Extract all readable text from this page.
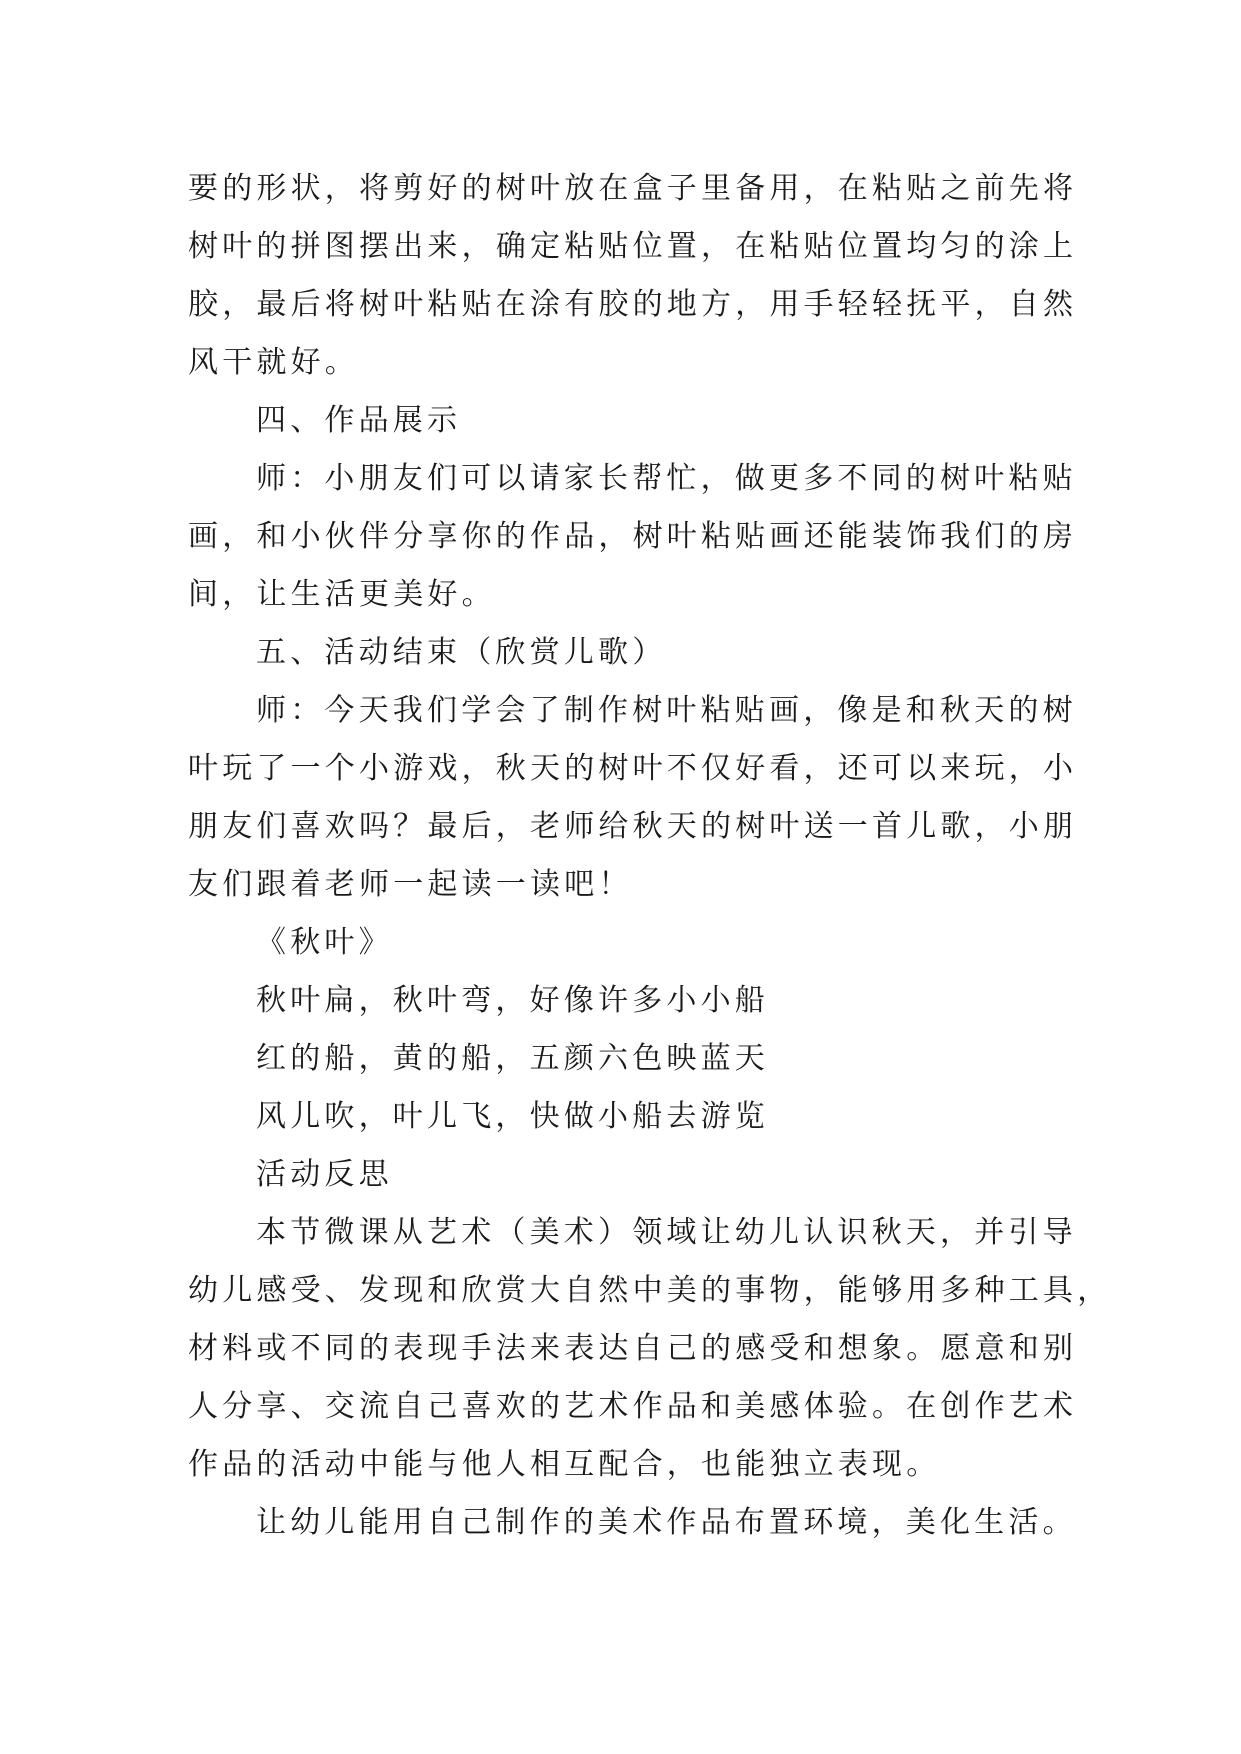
要的形状，将剪好的树叶放在盒子里备用，在粘贴之前先将
树叶的拼图摆出来，确定粘贴位置，在粘贴位置均匀的涂上
胶，最后将树叶粘贴在涂有胶的地方，用手轻轻抚平，自然
风干就好。
四、作品展示
师：小朋友们可以请家长帮忙，做更多不同的树叶粘贴
画，和小伙伴分享你的作品，树叶粘贴画还能装饰我们的房
间，让生活更美好。
五、活动结束（欣赏儿歌）
师：今天我们学会了制作树叶粘贴画，像是和秋天的树
叶玩了一个小游戏，秋天的树叶不仅好看，还可以来玩，小
朋友们喜欢吗？最后，老师给秋天的树叶送一首儿歌，小朋
友们跟着老师一起读一读吧！
《秋叶》
秋叶扁，秋叶弯，好像许多小小船
红的船，黄的船，五颜六色映蓝天
风儿吹，叶儿飞，快做小船去游览
活动反思
本节微课从艺术（美术）领域让幼儿认识秋天，并引导
幼儿感受、发现和欣赏大自然中美的事物，能够用多种工具，
材料或不同的表现手法来表达自己的感受和想象。愿意和别
人分享、交流自己喜欢的艺术作品和美感体验。在创作艺术
作品的活动中能与他人相互配合，也能独立表现。
让幼儿能用自己制作的美术作品布置环境，美化生活。
